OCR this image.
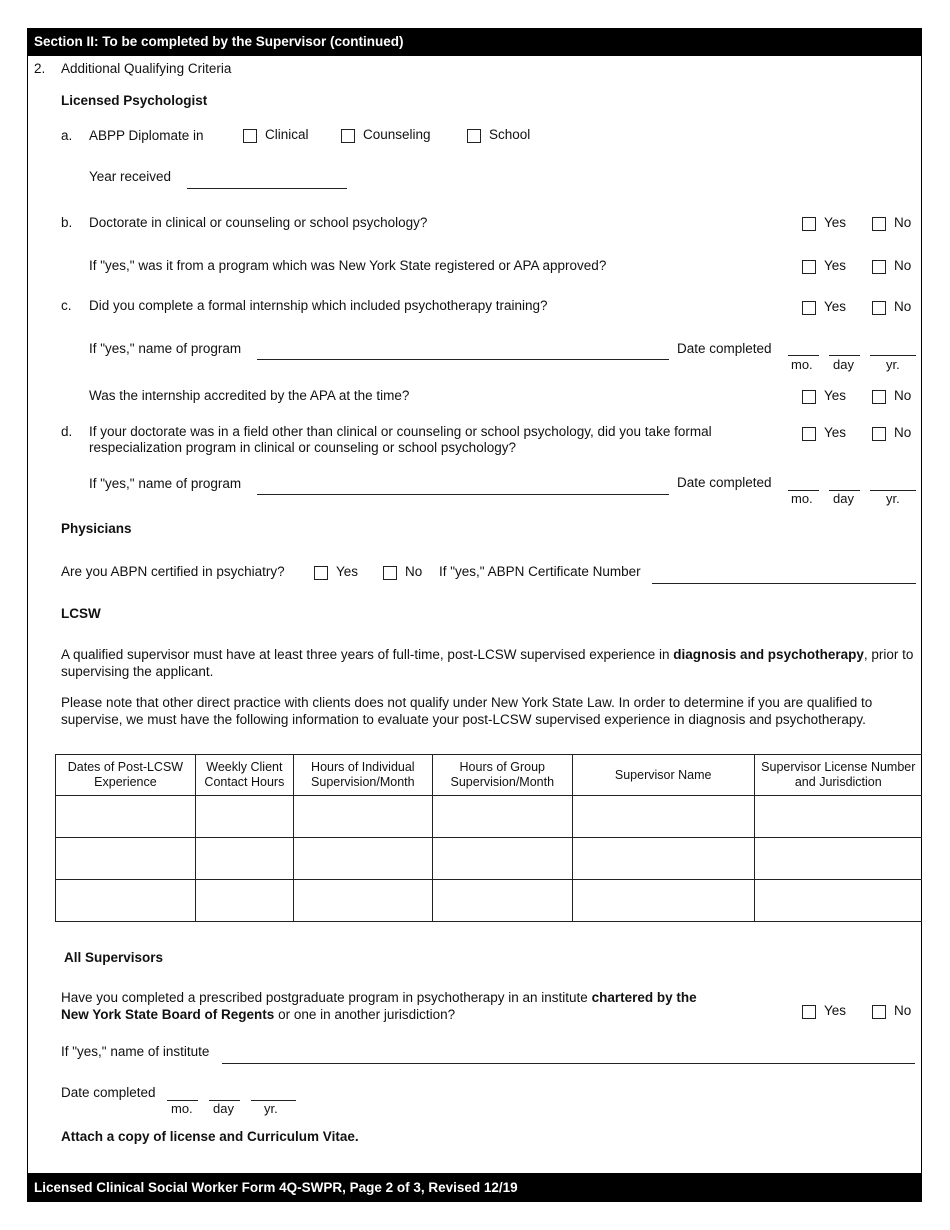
Section II: To be completed by the Supervisor (continued)
2. Additional Qualifying Criteria
Licensed Psychologist
a. ABPP Diplomate in	Clinical	Counseling	School
Year received
b. Doctorate in clinical or counseling or school psychology?	Yes	No
If "yes," was it from a program which was New York State registered or APA approved?	Yes	No
c. Did you complete a formal internship which included psychotherapy training?	Yes	No
If "yes," name of program	Date completed
mo. day yr.
Was the internship accredited by the APA at the time?	Yes	No
d. If your doctorate was in a field other than clinical or counseling or school psychology, did you take formal
respecialization program in clinical or counseling or school psychology?
Yes	No
If "yes," name of program	Date completed
mo. day yr.
Physicians
Are you ABPN certified in psychiatry?	Yes	No If "yes," ABPN Certificate Number
LCSW
A qualified supervisor must have at least three years of full-time, post-LCSW supervised experience in diagnosis and psychotherapy, prior to supervising the applicant.
Please note that other direct practice with clients does not qualify under New York State Law. In order to determine if you are qualified to supervise, we must have the following information to evaluate your post-LCSW supervised experience in diagnosis and psychotherapy.
Dates of Post-LCSW Experience	Weekly Client Contact Hours	Hours of Individual Supervision/Month	Hours of Group Supervision/Month	Supervisor Name	Supervisor License Number and Jurisdiction

All Supervisors
Have you completed a prescribed postgraduate program in psychotherapy in an institute chartered by the
New York State Board of Regents or one in another jurisdiction?	Yes	No
If "yes," name of institute
Date completed
mo. day yr.
Attach a copy of license and Curriculum Vitae.
Licensed Clinical Social Worker Form 4Q-SWPR, Page 2 of 3, Revised 12/19
